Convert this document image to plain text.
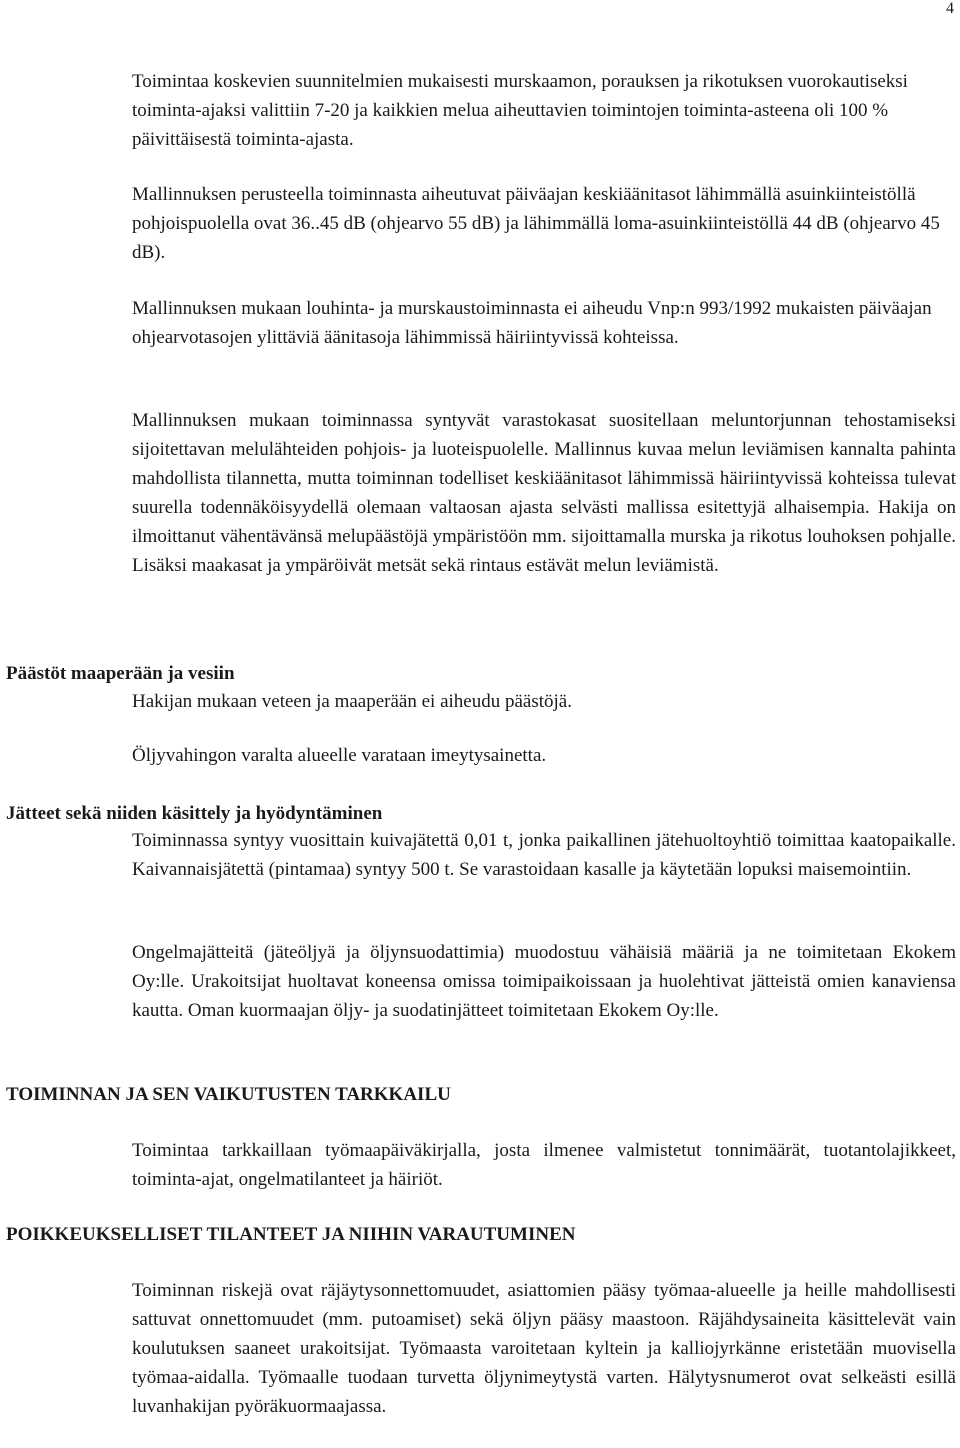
4

Toimintaa koskevien suunnitelmien mukaisesti murskaamon, porauksen ja rikotuksen vuorokautiseksi toiminta-ajaksi valittiin 7-20 ja kaikkien melua aiheuttavien toimintojen toiminta-asteena oli 100 % päivittäisestä toiminta-ajasta.

Mallinnuksen perusteella toiminnasta aiheutuvat päiväajan keskiäänitasot lähimmällä asuinkiinteistöllä pohjoispuolella ovat 36..45 dB (ohjearvo 55 dB) ja lähimmällä loma-asuinkiinteistöllä 44 dB (ohjearvo 45 dB).

Mallinnuksen mukaan louhinta- ja murskaustoiminnasta ei aiheudu Vnp:n 993/1992 mukaisten päiväajan ohjearvotasojen ylittäviä äänitasoja lähimmissä häiriintyvissä kohteissa.

Mallinnuksen mukaan toiminnassa syntyvät varastokasat suositellaan meluntorjunnan tehostamiseksi sijoitettavan melulähteiden pohjois- ja luoteispuolelle. Mallinnus kuvaa melun leviämisen kannalta pahinta mahdollista tilannetta, mutta toiminnan todelliset keskiäänitasot lähimmissä häiriintyvissä kohteissa tulevat suurella todennäköisyydellä olemaan valtaosan ajasta selvästi mallissa esitettyjä alhaisempia. Hakija on ilmoittanut vähentävänsä melupäästöjä ympäristöön mm. sijoittamalla murska ja rikotus louhoksen pohjalle. Lisäksi maakasat ja ympäröivät metsät sekä rintaus estävät melun leviämistä.

Päästöt maaperään ja vesiin

Hakijan mukaan veteen ja maaperään ei aiheudu päästöjä.

Öljyvahingon varalta alueelle varataan imeytysainetta.

Jätteet sekä niiden käsittely ja hyödyntäminen

Toiminnassa syntyy vuosittain kuivajätettä 0,01 t, jonka paikallinen jätehuoltoyhtiö toimittaa kaatopaikalle. Kaivannaisjätettä (pintamaa) syntyy 500 t. Se varastoidaan kasalle ja käytetään lopuksi maisemointiin.

Ongelmajätteitä (jäteöljyä ja öljynsuodattimia) muodostuu vähäisiä määriä ja ne toimitetaan Ekokem Oy:lle. Urakoitsijat huoltavat koneensa omissa toimipaikoissaan ja huolehtivat jätteistä omien kanaviensa kautta. Oman kuormaajan öljy- ja suodatinjätteet toimitetaan Ekokem Oy:lle.

TOIMINNAN JA SEN VAIKUTUSTEN TARKKAILU

Toimintaa tarkkaillaan työmaapäiväkirjalla, josta ilmenee valmistetut tonnimäärät, tuotantolajikkeet, toiminta-ajat, ongelmatilanteet ja häiriöt.

POIKKEUKSELLISET TILANTEET JA NIIHIN VARAUTUMINEN

Toiminnan riskejä ovat räjäytysonnettomuudet, asiattomien pääsy työmaa-alueelle ja heille mahdollisesti sattuvat onnettomuudet (mm. putoamiset) sekä öljyn pääsy maastoon. Räjähdysaineita käsittelevät vain koulutuksen saaneet urakoitsijat. Työmaasta varoitetaan kyltein ja kalliojyrkänne eristetään muovisella työmaa-aidalla. Työmaalle tuodaan turvetta öljynimeytystä varten. Hälytysnumerot ovat selkeästi esillä luvanhakijan pyöräkuormaajassa.
